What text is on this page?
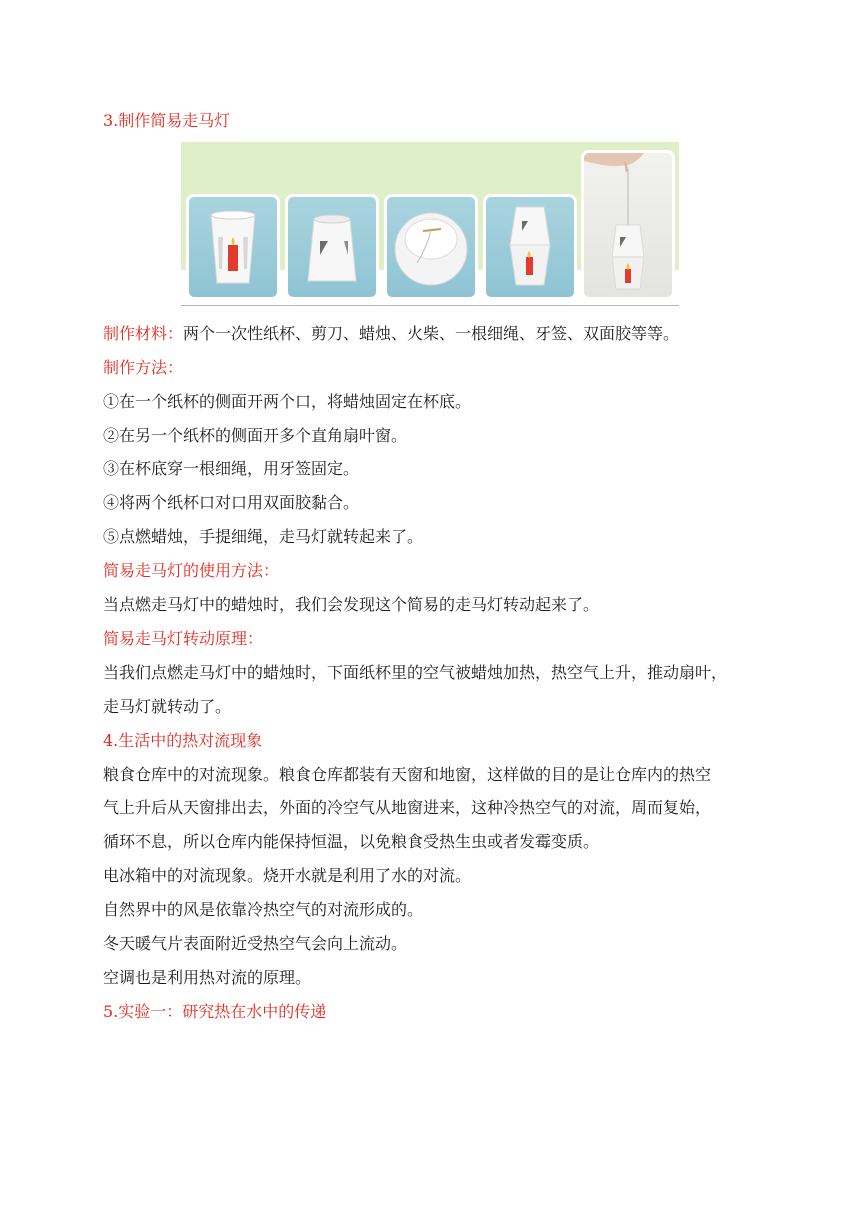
3.制作简易走马灯
制作材料：两个一次性纸杯、剪刀、蜡烛、火柴、一根细绳、牙签、双面胶等等。
制作方法：
①在一个纸杯的侧面开两个口，将蜡烛固定在杯底。
②在另一个纸杯的侧面开多个直角扇叶窗。
③在杯底穿一根细绳，用牙签固定。
④将两个纸杯口对口用双面胶黏合。
⑤点燃蜡烛，手提细绳，走马灯就转起来了。
简易走马灯的使用方法：
当点燃走马灯中的蜡烛时，我们会发现这个简易的走马灯转动起来了。
简易走马灯转动原理：
当我们点燃走马灯中的蜡烛时，下面纸杯里的空气被蜡烛加热，热空气上升，推动扇叶，
走马灯就转动了。
4.生活中的热对流现象
粮食仓库中的对流现象。粮食仓库都装有天窗和地窗，这样做的目的是让仓库内的热空
气上升后从天窗排出去，外面的冷空气从地窗进来，这种冷热空气的对流，周而复始，
循环不息，所以仓库内能保持恒温，以免粮食受热生虫或者发霉变质。
电冰箱中的对流现象。烧开水就是利用了水的对流。
自然界中的风是依靠冷热空气的对流形成的。
冬天暖气片表面附近受热空气会向上流动。
空调也是利用热对流的原理。
5.实验一：研究热在水中的传递
